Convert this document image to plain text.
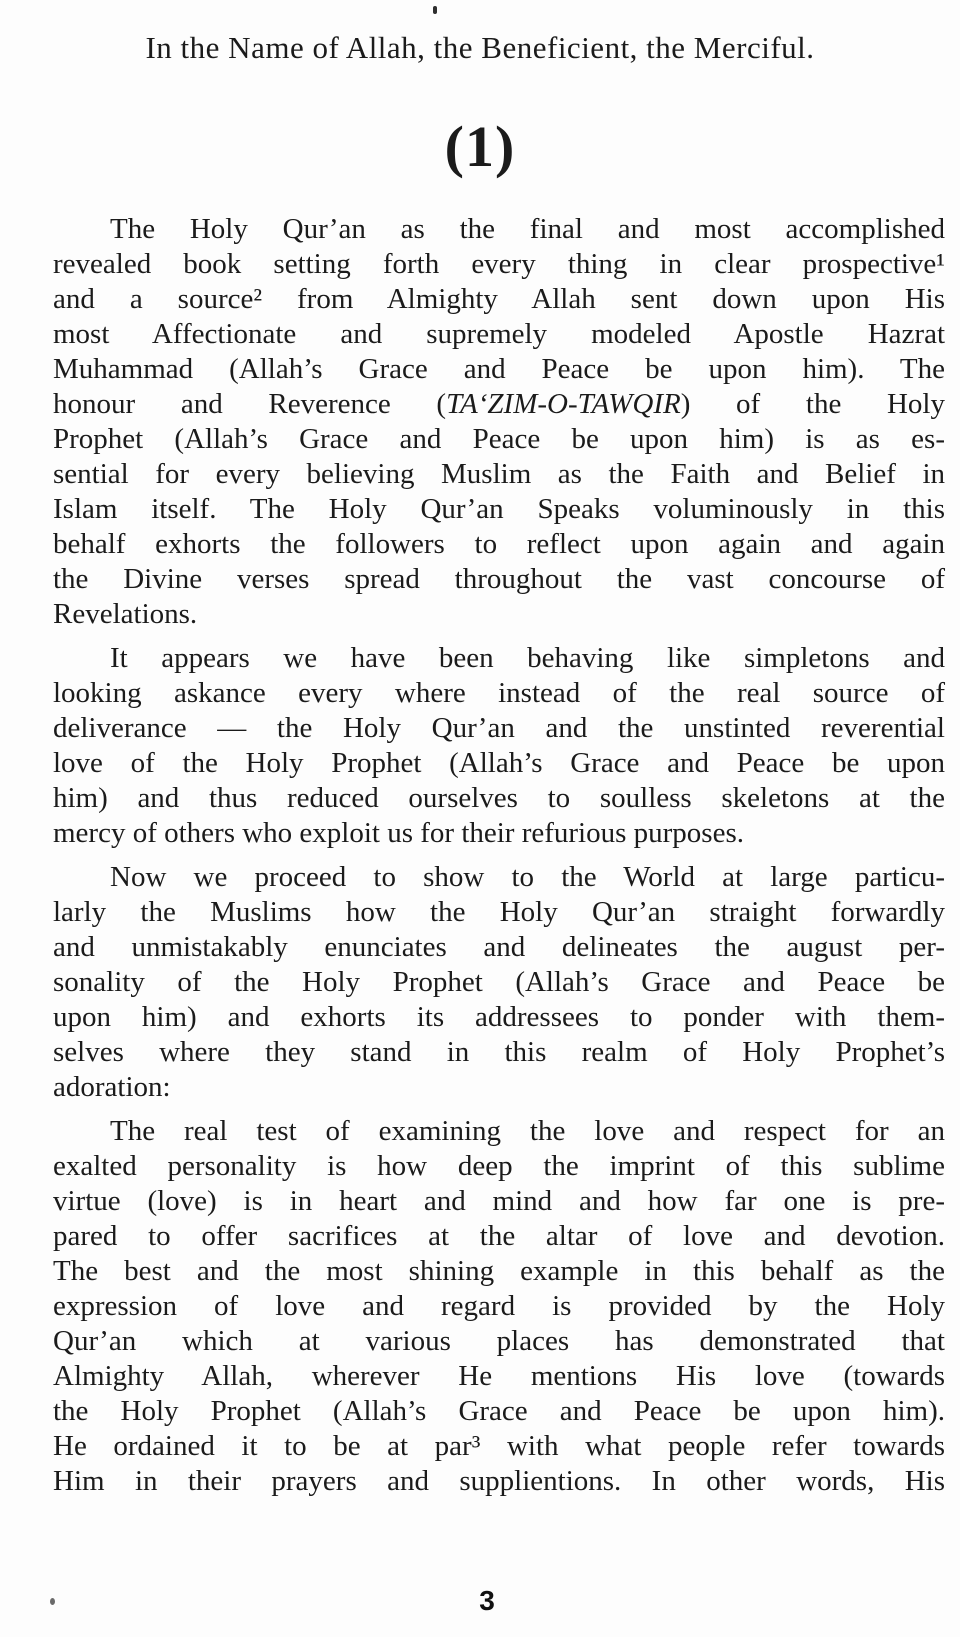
In the Name of Allah, the Beneficient, the Merciful.
(1)
The Holy Qur’an as the final and most accomplished
revealed book setting forth every thing in clear prospective¹
and a source² from Almighty Allah sent down upon His
most Affectionate and supremely modeled Apostle Hazrat
Muhammad (Allah’s Grace and Peace be upon him). The
honour and Reverence (TA‘ZIM-O-TAWQIR) of the Holy
Prophet (Allah’s Grace and Peace be upon him) is as es-
sential for every believing Muslim as the Faith and Belief in
Islam itself. The Holy Qur’an Speaks voluminously in this
behalf exhorts the followers to reflect upon again and again
the Divine verses spread throughout the vast concourse of
Revelations.
It appears we have been behaving like simpletons and
looking askance every where instead of the real source of
deliverance — the Holy Qur’an and the unstinted reverential
love of the Holy Prophet (Allah’s Grace and Peace be upon
him) and thus reduced ourselves to soulless skeletons at the
mercy of others who exploit us for their refurious purposes.
Now we proceed to show to the World at large particu-
larly the Muslims how the Holy Qur’an straight forwardly
and unmistakably enunciates and delineates the august per-
sonality of the Holy Prophet (Allah’s Grace and Peace be
upon him) and exhorts its addressees to ponder with them-
selves where they stand in this realm of Holy Prophet’s
adoration:
The real test of examining the love and respect for an
exalted personality is how deep the imprint of this sublime
virtue (love) is in heart and mind and how far one is pre-
pared to offer sacrifices at the altar of love and devotion.
The best and the most shining example in this behalf as the
expression of love and regard is provided by the Holy
Qur’an which at various places has demonstrated that
Almighty Allah, wherever He mentions His love (towards
the Holy Prophet (Allah’s Grace and Peace be upon him).
He ordained it to be at par³ with what people refer towards
Him in their prayers and supplientions. In other words, His
3
